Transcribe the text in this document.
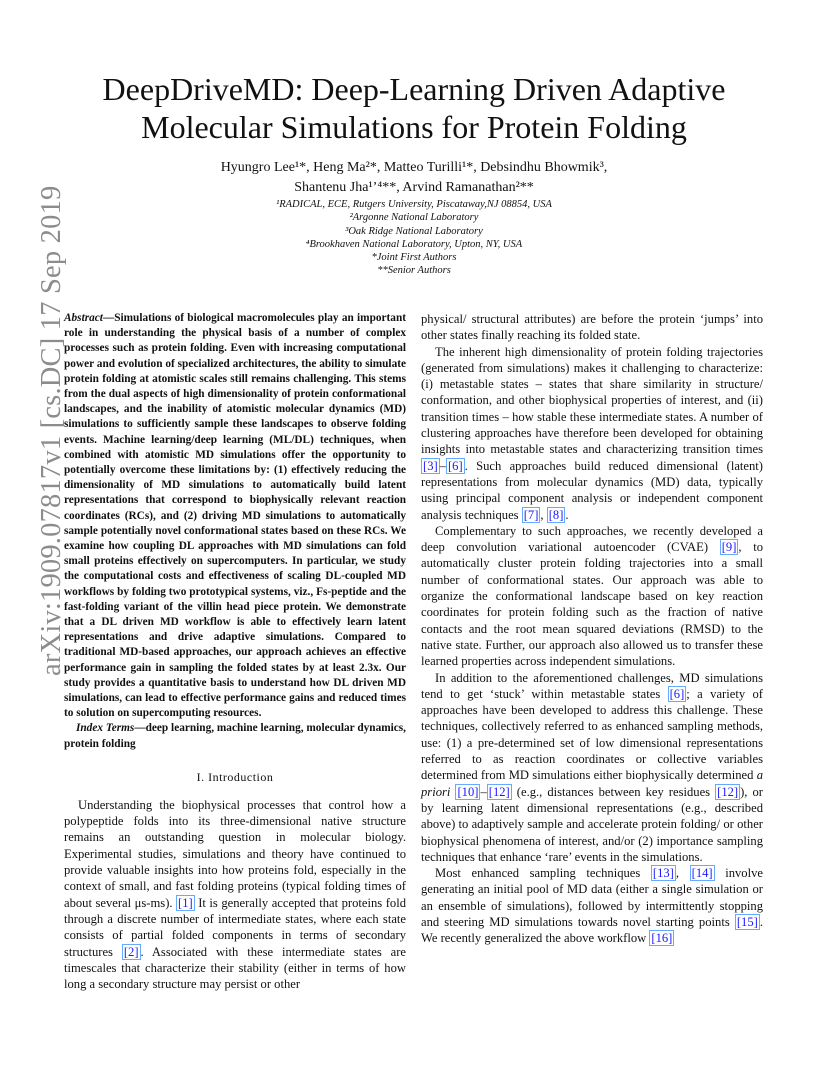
arXiv:1909.07817v1 [cs.DC] 17 Sep 2019
DeepDriveMD: Deep-Learning Driven Adaptive
Molecular Simulations for Protein Folding
Hyungro Lee¹*, Heng Ma²*, Matteo Turilli¹*, Debsindhu Bhowmik³,
Shantenu Jha¹ʼ⁴**, Arvind Ramanathan²**
¹RADICAL, ECE, Rutgers University, Piscataway,NJ 08854, USA
²Argonne National Laboratory
³Oak Ridge National Laboratory
⁴Brookhaven National Laboratory, Upton, NY, USA
*Joint First Authors
**Senior Authors

Abstract—Simulations of biological macromolecules play an important role in understanding the physical basis of a number of complex processes such as protein folding. Even with increasing computational power and evolution of specialized architectures, the ability to simulate protein folding at atomistic scales still remains challenging. This stems from the dual aspects of high dimensionality of protein conformational landscapes, and the inability of atomistic molecular dynamics (MD) simulations to sufficiently sample these landscapes to observe folding events. Machine learning/deep learning (ML/DL) techniques, when combined with atomistic MD simulations offer the opportunity to potentially overcome these limitations by: (1) effectively reducing the dimensionality of MD simulations to automatically build latent representations that correspond to biophysically relevant reaction coordinates (RCs), and (2) driving MD simulations to automatically sample potentially novel conformational states based on these RCs. We examine how coupling DL approaches with MD simulations can fold small proteins effectively on supercomputers. In particular, we study the computational costs and effectiveness of scaling DL-coupled MD workflows by folding two prototypical systems, viz., Fs-peptide and the fast-folding variant of the villin head piece protein. We demonstrate that a DL driven MD workflow is able to effectively learn latent representations and drive adaptive simulations. Compared to traditional MD-based approaches, our approach achieves an effective performance gain in sampling the folded states by at least 2.3x. Our study provides a quantitative basis to understand how DL driven MD simulations, can lead to effective performance gains and reduced times to solution on supercomputing resources.

Index Terms—deep learning, machine learning, molecular dynamics, protein folding

I. Introduction

Understanding the biophysical processes that control how a polypeptide folds into its three-dimensional native structure remains an outstanding question in molecular biology. Experimental studies, simulations and theory have continued to provide valuable insights into how proteins fold, especially in the context of small, and fast folding proteins (typical folding times of about several μs-ms). [1] It is generally accepted that proteins fold through a discrete number of intermediate states, where each state consists of partial folded components in terms of secondary structures [2] . Associated with these intermediate states are timescales that characterize their stability (either in terms of how long a secondary structure may persist or other

physical/ structural attributes) are before the protein ‘jumps’ into other states finally reaching its folded state.

The inherent high dimensionality of protein folding trajectories (generated from simulations) makes it challenging to characterize: (i) metastable states – states that share similarity in structure/ conformation, and other biophysical properties of interest, and (ii) transition times – how stable these intermediate states. A number of clustering approaches have therefore been developed for obtaining insights into metastable states and characterizing transition times [3] – [6] . Such approaches build reduced dimensional (latent) representations from molecular dynamics (MD) data, typically using principal component analysis or independent component analysis techniques [7] , [8] .

Complementary to such approaches, we recently developed a deep convolution variational autoencoder (CVAE) [9] , to automatically cluster protein folding trajectories into a small number of conformational states. Our approach was able to organize the conformational landscape based on key reaction coordinates for protein folding such as the fraction of native contacts and the root mean squared deviations (RMSD) to the native state. Further, our approach also allowed us to transfer these learned properties across independent simulations.

In addition to the aforementioned challenges, MD simulations tend to get ‘stuck’ within metastable states [6] ; a variety of approaches have been developed to address this challenge. These techniques, collectively referred to as enhanced sampling methods, use: (1) a pre-determined set of low dimensional representations referred to as reaction coordinates or collective variables determined from MD simulations either biophysically determined a priori [10] – [12] (e.g., distances between key residues [12] ), or by learning latent dimensional representations (e.g., described above) to adaptively sample and accelerate protein folding/ or other biophysical phenomena of interest, and/or (2) importance sampling techniques that enhance ‘rare’ events in the simulations.

Most enhanced sampling techniques [13] , [14] involve generating an initial pool of MD data (either a single simulation or an ensemble of simulations), followed by intermittently stopping and steering MD simulations towards novel starting points [15] . We recently generalized the above workflow [16]
